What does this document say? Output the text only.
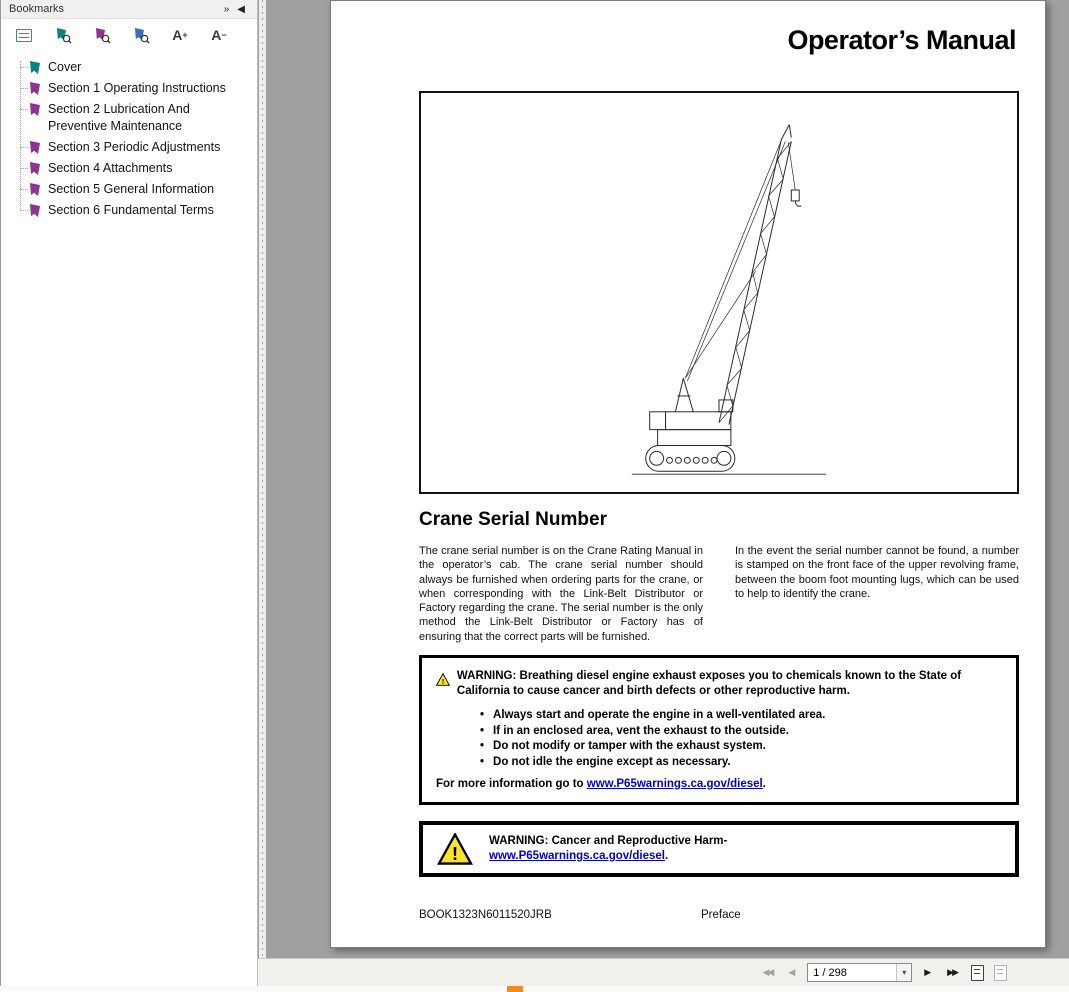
Bookmarks	» ◀
A + A −
Cover
Section 1 Operating Instructions
Section 2 Lubrication And Preventive Maintenance
Section 3 Periodic Adjustments
Section 4 Attachments
Section 5 General Information
Section 6 Fundamental Terms
Operator’s Manual
Crane Serial Number

The crane serial number is on the Crane Rating Manual in the operator’s cab. The crane serial number should always be furnished when ordering parts for the crane, or when corresponding with the Link-Belt Distributor or Factory regarding the crane. The serial number is the only method the Link-Belt Distributor or Factory has of ensuring that the correct parts will be furnished.

In the event the serial number cannot be found, a number is stamped on the front face of the upper revolving frame, between the boom foot mounting lugs, which can be used to help to identify the crane.

! WARNING: Breathing diesel engine exhaust exposes you to chemicals known to the State of California to cause cancer and birth defects or other reproductive harm.

• Always start and operate the engine in a well-ventilated area.
• If in an enclosed area, vent the exhaust to the outside.
• Do not modify or tamper with the exhaust system.
• Do not idle the engine except as necessary.
For more information go to www.P65warnings.ca.gov/diesel.
!
WARNING: Cancer and Reproductive Harm-
www.P65warnings.ca.gov/diesel.
BOOK1323N6011520JRB	Preface
◀◀	◀
1 / 298	▾	▶	▶▶
